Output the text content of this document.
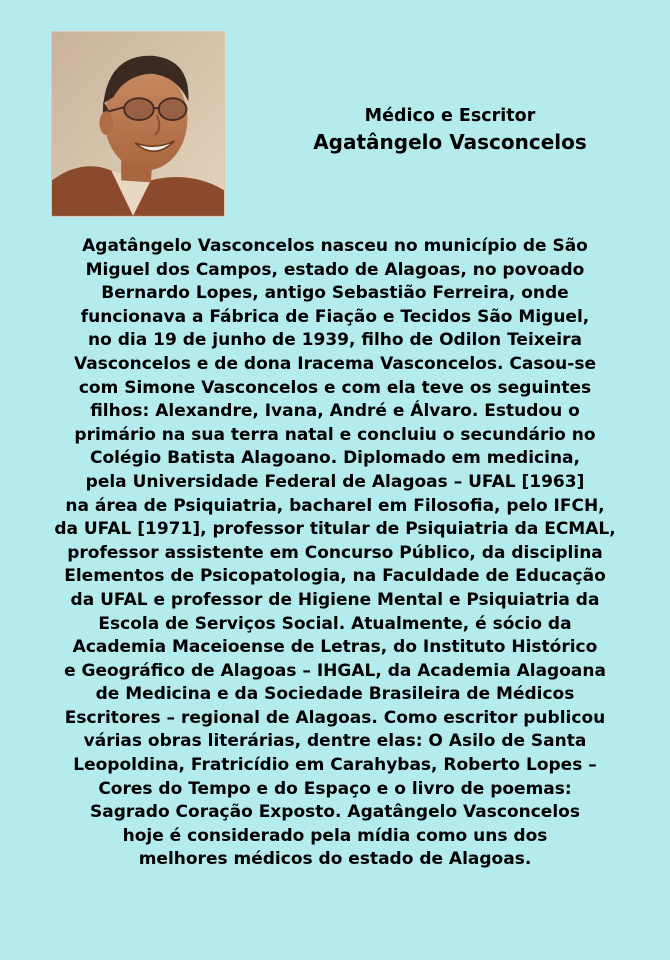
Médico e Escritor
Agatângelo Vasconcelos
Agatângelo Vasconcelos nasceu no município de São
Miguel dos Campos, estado de Alagoas, no povoado
Bernardo Lopes, antigo Sebastião Ferreira, onde
funcionava a Fábrica de Fiação e Tecidos São Miguel,
no dia 19 de junho de 1939, filho de Odilon Teixeira
Vasconcelos e de dona Iracema Vasconcelos. Casou-se
com Simone Vasconcelos e com ela teve os seguintes
filhos: Alexandre, Ivana, André e Álvaro. Estudou o
primário na sua terra natal e concluiu o secundário no
Colégio Batista Alagoano. Diplomado em medicina,
pela Universidade Federal de Alagoas – UFAL [1963]
na área de Psiquiatria, bacharel em Filosofia, pelo IFCH,
da UFAL [1971], professor titular de Psiquiatria da ECMAL,
professor assistente em Concurso Público, da disciplina
Elementos de Psicopatologia, na Faculdade de Educação
da UFAL e professor de Higiene Mental e Psiquiatria da
Escola de Serviços Social. Atualmente, é sócio da
Academia Maceioense de Letras, do Instituto Histórico
e Geográfico de Alagoas – IHGAL, da Academia Alagoana
de Medicina e da Sociedade Brasileira de Médicos
Escritores – regional de Alagoas. Como escritor publicou
várias obras literárias, dentre elas: O Asilo de Santa
Leopoldina, Fratricídio em Carahybas, Roberto Lopes –
Cores do Tempo e do Espaço e o livro de poemas:
Sagrado Coração Exposto. Agatângelo Vasconcelos
hoje é considerado pela mídia como uns dos
melhores médicos do estado de Alagoas.
